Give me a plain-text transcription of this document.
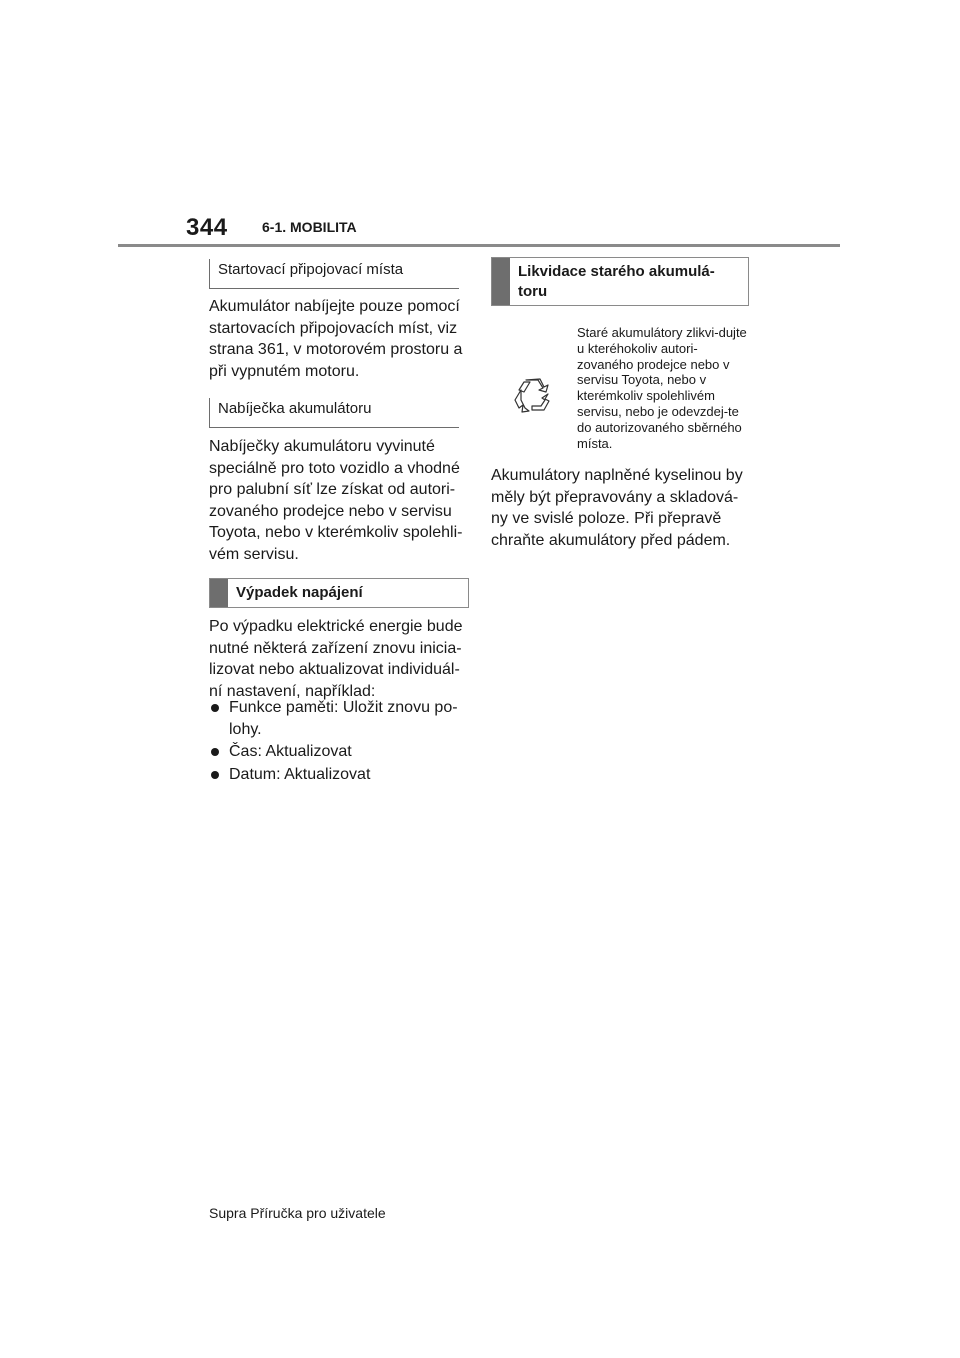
344 6-1. MOBILITA
Startovací připojovací místa
Akumulátor nabíjejte pouze pomocí startovacích připojovacích míst, viz strana 361, v motorovém prostoru a při vypnutém motoru.
Nabíječka akumulátoru
Nabíječky akumulátoru vyvinuté speciálně pro toto vozidlo a vhodné pro palubní síť lze získat od autori-zovaného prodejce nebo v servisu Toyota, nebo v kterémkoliv spolehli-vém servisu.
Výpadek napájení
Po výpadku elektrické energie bude nutné některá zařízení znovu inicia-lizovat nebo aktualizovat individuál-ní nastavení, například:
Funkce paměti: Uložit znovu po-lohy.
Čas: Aktualizovat
Datum: Aktualizovat
Likvidace starého akumulá-toru
Staré akumulátory zlikvi-dujte u kteréhokoliv autori-zovaného prodejce nebo v servisu Toyota, nebo v kterémkoliv spolehlivém servisu, nebo je odevzdej-te do autorizovaného sběrného místa.
Akumulátory naplněné kyselinou by měly být přepravovány a skladová-ny ve svislé poloze. Při přepravě chraňte akumulátory před pádem.
Supra Příručka pro uživatele
